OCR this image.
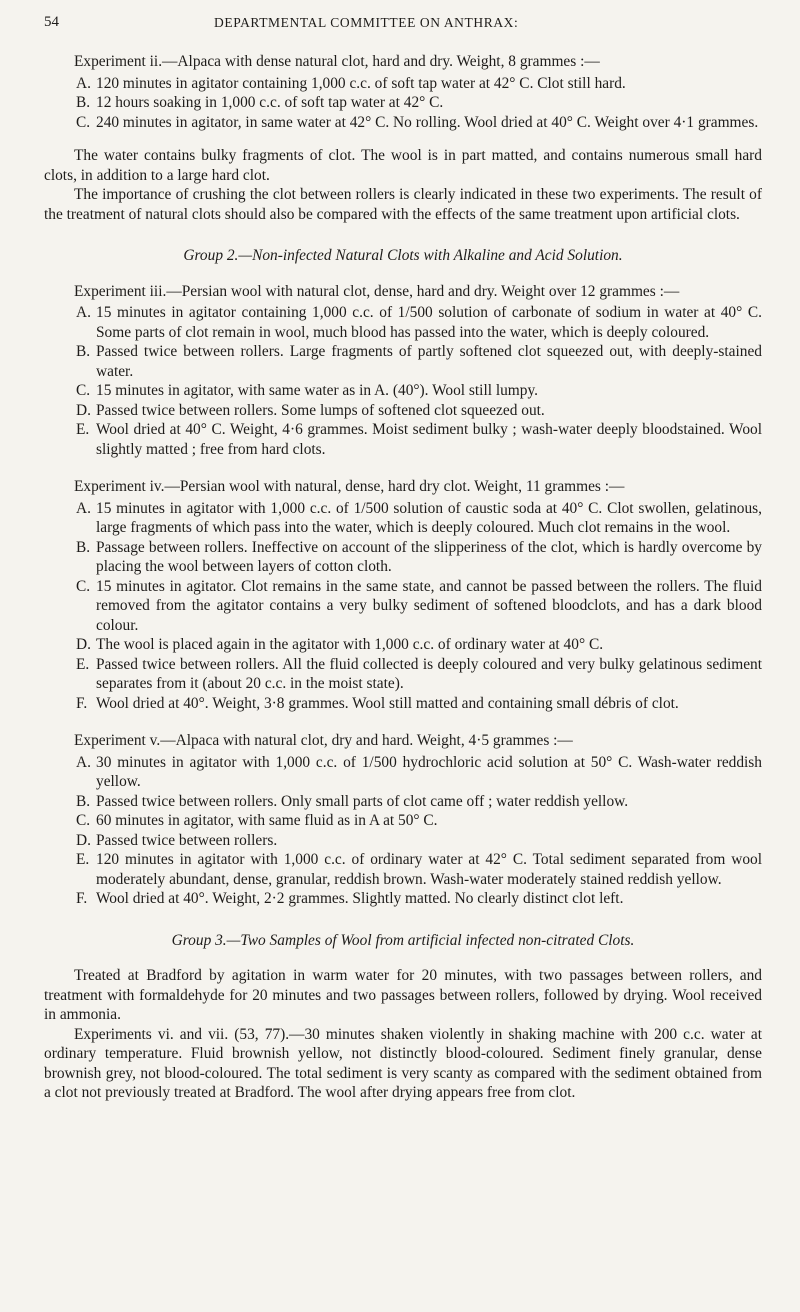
54	DEPARTMENTAL COMMITTEE ON ANTHRAX:

Experiment ii.—Alpaca with dense natural clot, hard and dry. Weight, 8 grammes :—

A. 120 minutes in agitator containing 1,000 c.c. of soft tap water at 42° C. Clot still hard.
B. 12 hours soaking in 1,000 c.c. of soft tap water at 42° C.
C. 240 minutes in agitator, in same water at 42° C. No rolling. Wool dried at 40° C. Weight over 4·1 grammes.

The water contains bulky fragments of clot. The wool is in part matted, and contains numerous small hard clots, in addition to a large hard clot.

The importance of crushing the clot between rollers is clearly indicated in these two experiments. The result of the treatment of natural clots should also be compared with the effects of the same treatment upon artificial clots.

Group 2.—Non-infected Natural Clots with Alkaline and Acid Solution.

Experiment iii.—Persian wool with natural clot, dense, hard and dry. Weight over 12 grammes :—

A. 15 minutes in agitator containing 1,000 c.c. of 1/500 solution of carbonate of sodium in water at 40° C. Some parts of clot remain in wool, much blood has passed into the water, which is deeply coloured.
B. Passed twice between rollers. Large fragments of partly softened clot squeezed out, with deeply-stained water.
C. 15 minutes in agitator, with same water as in A. (40°). Wool still lumpy.
D. Passed twice between rollers. Some lumps of softened clot squeezed out.
E. Wool dried at 40° C. Weight, 4·6 grammes. Moist sediment bulky ; wash-water deeply bloodstained. Wool slightly matted ; free from hard clots.

Experiment iv.—Persian wool with natural, dense, hard dry clot. Weight, 11 grammes :—

A. 15 minutes in agitator with 1,000 c.c. of 1/500 solution of caustic soda at 40° C. Clot swollen, gelatinous, large fragments of which pass into the water, which is deeply coloured. Much clot remains in the wool.
B. Passage between rollers. Ineffective on account of the slipperiness of the clot, which is hardly overcome by placing the wool between layers of cotton cloth.
C. 15 minutes in agitator. Clot remains in the same state, and cannot be passed between the rollers. The fluid removed from the agitator contains a very bulky sediment of softened bloodclots, and has a dark blood colour.
D. The wool is placed again in the agitator with 1,000 c.c. of ordinary water at 40° C.
E. Passed twice between rollers. All the fluid collected is deeply coloured and very bulky gelatinous sediment separates from it (about 20 c.c. in the moist state).
F. Wool dried at 40°. Weight, 3·8 grammes. Wool still matted and containing small débris of clot.

Experiment v.—Alpaca with natural clot, dry and hard. Weight, 4·5 grammes :—

A. 30 minutes in agitator with 1,000 c.c. of 1/500 hydrochloric acid solution at 50° C. Wash-water reddish yellow.
B. Passed twice between rollers. Only small parts of clot came off ; water reddish yellow.
C. 60 minutes in agitator, with same fluid as in A at 50° C.
D. Passed twice between rollers.
E. 120 minutes in agitator with 1,000 c.c. of ordinary water at 42° C. Total sediment separated from wool moderately abundant, dense, granular, reddish brown. Wash-water moderately stained reddish yellow.
F. Wool dried at 40°. Weight, 2·2 grammes. Slightly matted. No clearly distinct clot left.

Group 3.—Two Samples of Wool from artificial infected non-citrated Clots.

Treated at Bradford by agitation in warm water for 20 minutes, with two passages between rollers, and treatment with formaldehyde for 20 minutes and two passages between rollers, followed by drying. Wool received in ammonia.

Experiments vi. and vii. (53, 77).—30 minutes shaken violently in shaking machine with 200 c.c. water at ordinary temperature. Fluid brownish yellow, not distinctly blood-coloured. Sediment finely granular, dense brownish grey, not blood-coloured. The total sediment is very scanty as compared with the sediment obtained from a clot not previously treated at Bradford. The wool after drying appears free from clot.
